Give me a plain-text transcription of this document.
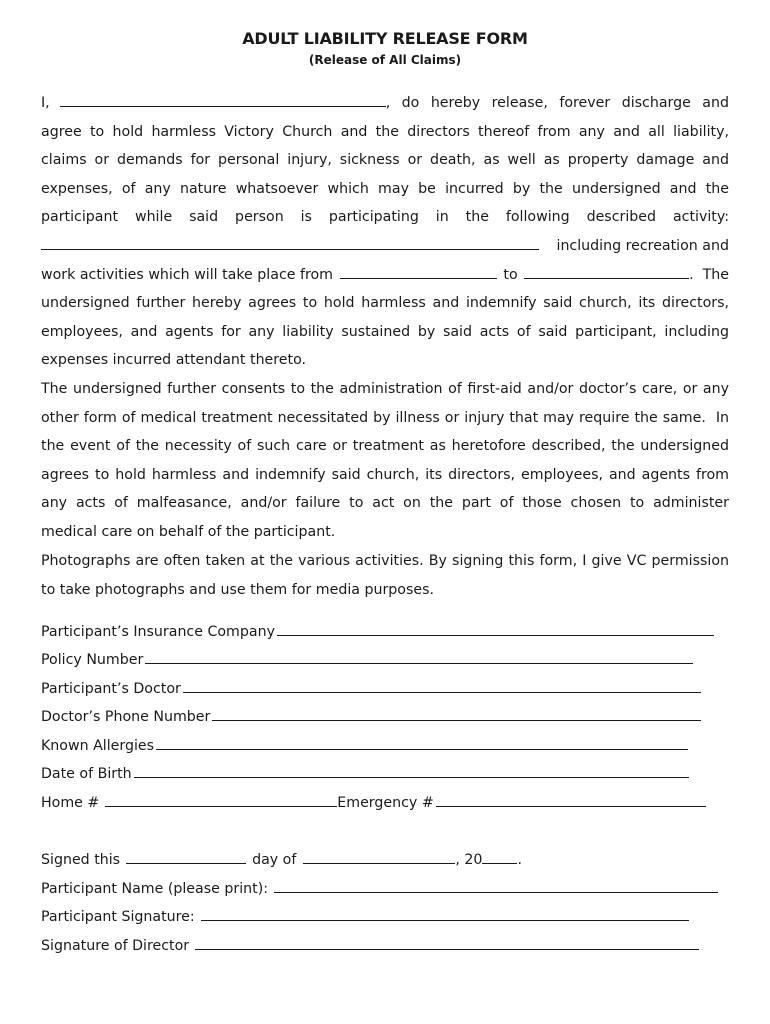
ADULT LIABILITY RELEASE FORM
(Release of All Claims)
I,	, do hereby release, forever discharge and
agree to hold harmless Victory Church and the directors thereof from any and all liability,
claims or demands for personal injury, sickness or death, as well as property damage and
expenses, of any nature whatsoever which may be incurred by the undersigned and the
participant while said person is participating in the following described activity:
including recreation and
work activities which will take place from	to	.  The
undersigned further hereby agrees to hold harmless and indemnify said church, its directors,
employees, and agents for any liability sustained by said acts of said participant, including
expenses incurred attendant thereto.
The undersigned further consents to the administration of first-aid and/or doctor’s care, or any
other form of medical treatment necessitated by illness or injury that may require the same.  In
the event of the necessity of such care or treatment as heretofore described, the undersigned
agrees to hold harmless and indemnify said church, its directors, employees, and agents from
any acts of malfeasance, and/or failure to act on the part of those chosen to administer
medical care on behalf of the participant.
Photographs are often taken at the various activities. By signing this form, I give VC permission
to take photographs and use them for media purposes.
Participant’s Insurance Company
Policy Number
Participant’s Doctor
Doctor’s Phone Number
Known Allergies
Date of Birth
Home #	Emergency #
Signed this	day of	, 20 .
Participant Name (please print):
Participant Signature:
Signature of Director
